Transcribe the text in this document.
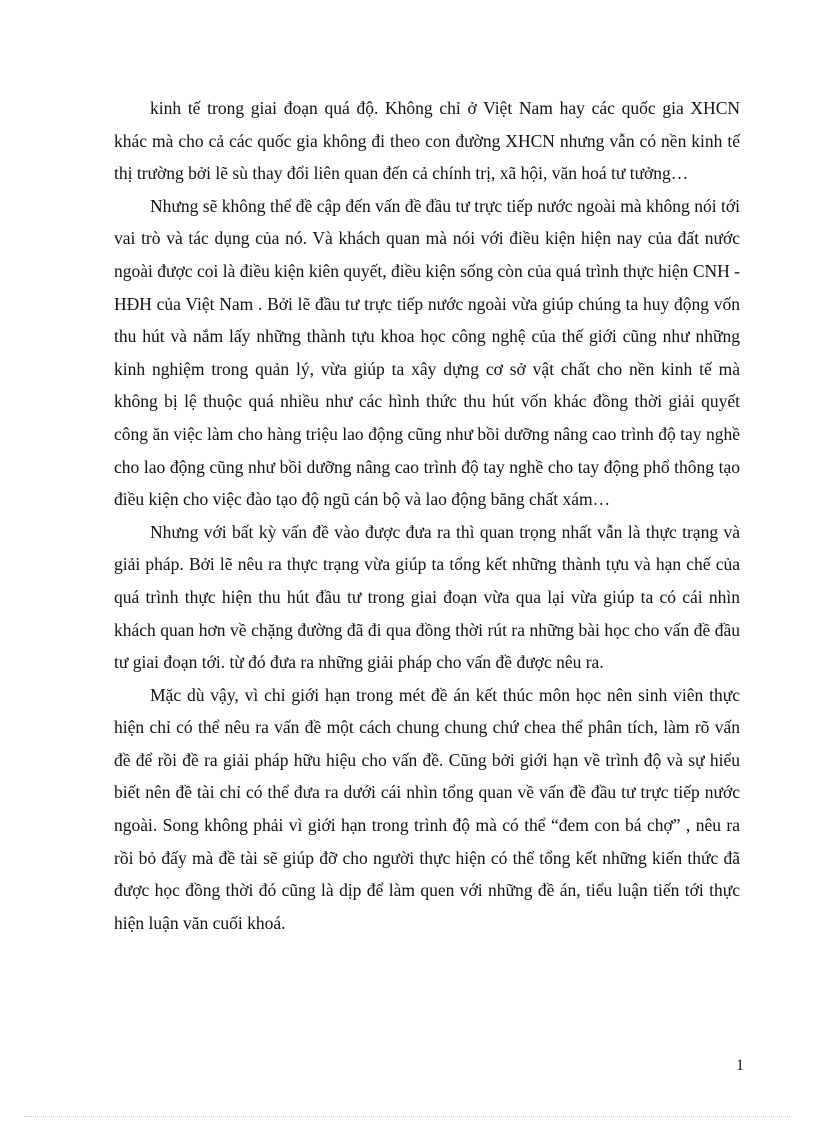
kinh tế trong giai đoạn quá độ. Không chỉ ở Việt Nam hay các quốc gia XHCN khác mà cho cả các quốc gia không đi theo con đường XHCN nhưng vẫn có nền kinh tế thị trường bởi lẽ sù thay đổi liên quan đến cả chính trị, xã hội, văn hoá tư tưởng…

Nhưng sẽ không thể đề cập đến vấn đề đầu tư trực tiếp nước ngoài mà không nói tới vai trò và tác dụng của nó. Và khách quan mà nói với điều kiện hiện nay của đất nước ngoài được coi là điều kiện kiên quyết, điều kiện sống còn của quá trình thực hiện CNH - HĐH của Việt Nam . Bởi lẽ đầu tư trực tiếp nước ngoài vừa giúp chúng ta huy động vốn thu hút và nắm lấy những thành tựu khoa học công nghệ của thế giới cũng như những kinh nghiệm trong quản lý, vừa giúp ta xây dựng cơ sở vật chất cho nền kinh tế mà không bị lệ thuộc quá nhiều như các hình thức thu hút vốn khác đồng thời giải quyết công ăn việc làm cho hàng triệu lao động cũng như bồi dưỡng nâng cao trình độ tay nghề cho lao động cũng như bồi dưỡng nâng cao trình độ tay nghề cho tay động phổ thông tạo điều kiện cho việc đào tạo độ ngũ cán bộ và lao động băng chất xám…

Nhưng với bất kỳ vấn đề vào được đưa ra thì quan trọng nhất vẫn là thực trạng và giải pháp. Bởi lẽ nêu ra thực trạng vừa giúp ta tổng kết những thành tựu và hạn chế của quá trình thực hiện thu hút đầu tư trong giai đoạn vừa qua lại vừa giúp ta có cái nhìn khách quan hơn về chặng đường đã đi qua đồng thời rút ra những bài học cho vấn đề đầu tư giai đoạn tới. từ đó đưa ra những giải pháp cho vấn đề được nêu ra.

Mặc dù vậy, vì chỉ giới hạn trong mét đề án kết thúc môn học nên sinh viên thực hiện chỉ có thể nêu ra vấn đề một cách chung chung chứ chea thể phân tích, làm rõ vấn đề để rồi đề ra giải pháp hữu hiệu cho vấn đề. Cũng bởi giới hạn về trình độ và sự hiểu biết nên đề tài chỉ có thể đưa ra dưới cái nhìn tổng quan về vấn đề đầu tư trực tiếp nước ngoài. Song không phải vì giới hạn trong trình độ mà có thể “đem con bá chợ” , nêu ra rồi bỏ đấy mà đề tài sẽ giúp đỡ cho người thực hiện có thể tổng kết những kiến thức đã được học đồng thời đó cũng là dịp để làm quen với những đề án, tiểu luận tiến tới thực hiện luận văn cuối khoá.

1
